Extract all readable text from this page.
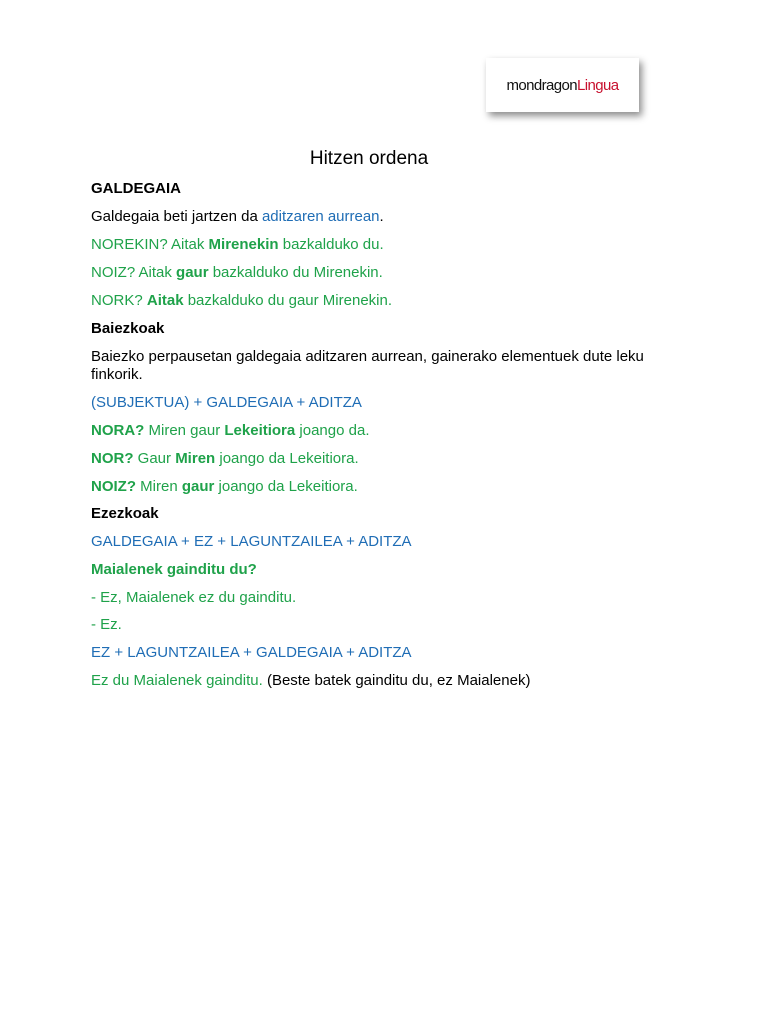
mondragon Lingua
Hitzen ordena

GALDEGAIA

Galdegaia beti jartzen da aditzaren aurrean.

NOREKIN? Aitak Mirenekin bazkalduko du.

NOIZ? Aitak gaur bazkalduko du Mirenekin.

NORK? Aitak bazkalduko du gaur Mirenekin.

Baiezkoak

Baiezko perpausetan galdegaia aditzaren aurrean, gainerako elementuek dute leku finkorik.

(SUBJEKTUA) + GALDEGAIA + ADITZA

NORA? Miren gaur Lekeitiora joango da.

NOR? Gaur Miren joango da Lekeitiora.

NOIZ? Miren gaur joango da Lekeitiora.

Ezezkoak

GALDEGAIA + EZ + LAGUNTZAILEA + ADITZA

Maialenek gainditu du?

- Ez, Maialenek ez du gainditu.

- Ez.

EZ + LAGUNTZAILEA + GALDEGAIA + ADITZA

Ez du Maialenek gainditu. (Beste batek gainditu du, ez Maialenek)
